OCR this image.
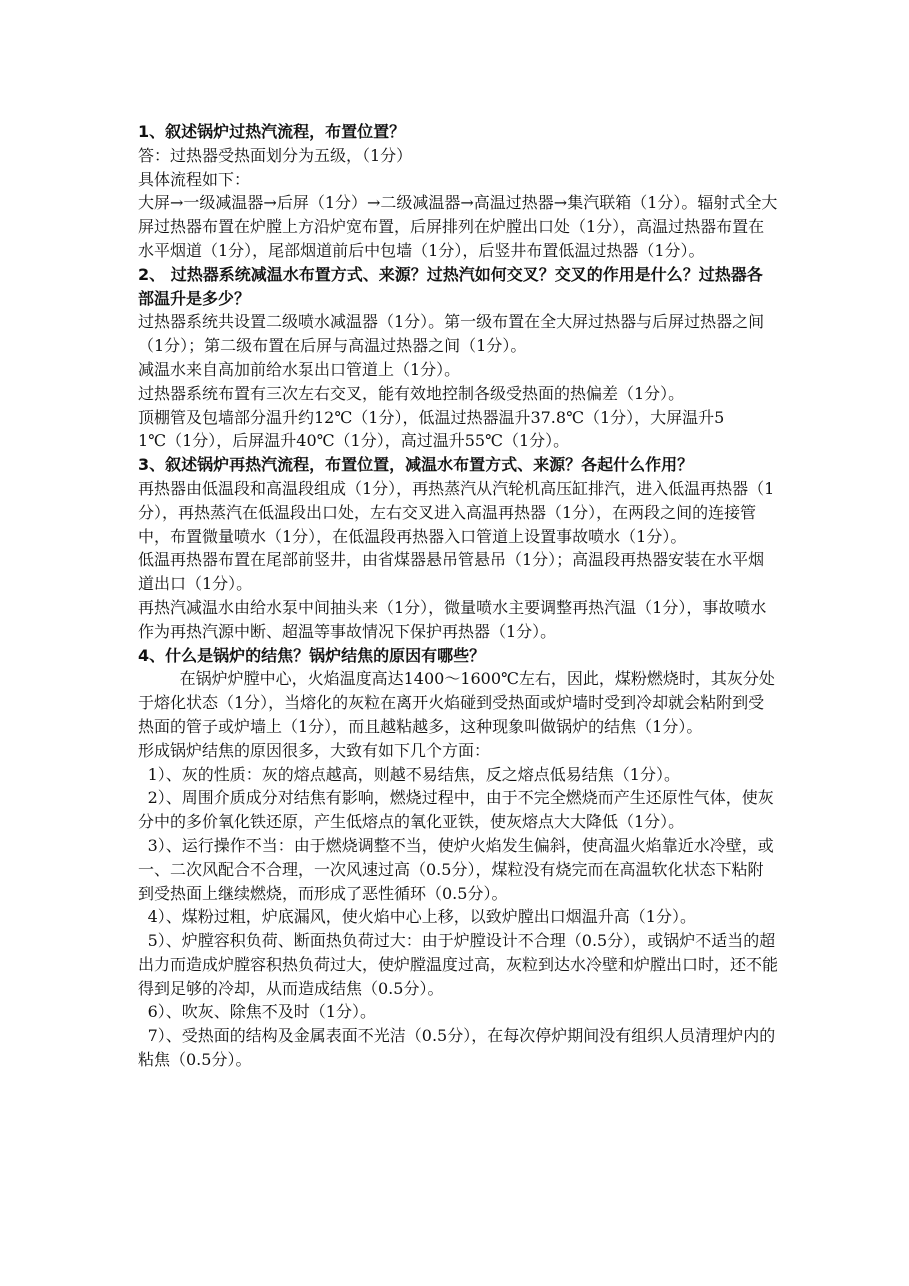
1、叙述锅炉过热汽流程，布置位置？

答：过热器受热面划分为五级，（1分）

具体流程如下：

大屏→一级减温器→后屏（1分）→二级减温器→高温过热器→集汽联箱（1分）。辐射式全大屏过热器布置在炉膛上方沿炉宽布置，后屏排列在炉膛出口处（1分），高温过热器布置在水平烟道（1分），尾部烟道前后中包墙（1分），后竖井布置低温过热器（1分）。

2、 过热器系统减温水布置方式、来源？过热汽如何交叉？交叉的作用是什么？过热器各部温升是多少？

过热器系统共设置二级喷水减温器（1分）。第一级布置在全大屏过热器与后屏过热器之间（1分）；第二级布置在后屏与高温过热器之间（1分）。

减温水来自高加前给水泵出口管道上（1分）。

过热器系统布置有三次左右交叉，能有效地控制各级受热面的热偏差（1分）。

顶棚管及包墙部分温升约12℃（1分），低温过热器温升37.8℃（1分），大屏温升51℃（1分），后屏温升40℃（1分），高过温升55℃（1分）。

3、叙述锅炉再热汽流程，布置位置，减温水布置方式、来源？各起什么作用？

再热器由低温段和高温段组成（1分），再热蒸汽从汽轮机高压缸排汽，进入低温再热器（1分），再热蒸汽在低温段出口处，左右交叉进入高温再热器（1分），在两段之间的连接管中，布置微量喷水（1分），在低温段再热器入口管道上设置事故喷水（1分）。

低温再热器布置在尾部前竖井，由省煤器悬吊管悬吊（1分）；高温段再热器安装在水平烟道出口（1分）。

再热汽减温水由给水泵中间抽头来（1分），微量喷水主要调整再热汽温（1分），事故喷水作为再热汽源中断、超温等事故情况下保护再热器（1分）。

4、什么是锅炉的结焦？锅炉结焦的原因有哪些？

在锅炉炉膛中心，火焰温度高达1400～1600℃左右，因此，煤粉燃烧时，其灰分处于熔化状态（1分），当熔化的灰粒在离开火焰碰到受热面或炉墙时受到冷却就会粘附到受热面的管子或炉墙上（1分），而且越粘越多，这种现象叫做锅炉的结焦（1分）。

形成锅炉结焦的原因很多，大致有如下几个方面：

1）、灰的性质：灰的熔点越高，则越不易结焦，反之熔点低易结焦（1分）。

2）、周围介质成分对结焦有影响，燃烧过程中，由于不完全燃烧而产生还原性气体，使灰分中的多价氧化铁还原，产生低熔点的氧化亚铁，使灰熔点大大降低（1分）。

3）、运行操作不当：由于燃烧调整不当，使炉火焰发生偏斜，使高温火焰靠近水冷壁，或一、二次风配合不合理，一次风速过高（0.5分），煤粒没有烧完而在高温软化状态下粘附到受热面上继续燃烧，而形成了恶性循环（0.5分）。

4）、煤粉过粗，炉底漏风，使火焰中心上移，以致炉膛出口烟温升高（1分）。

5）、炉膛容积负荷、断面热负荷过大：由于炉膛设计不合理（0.5分），或锅炉不适当的超出力而造成炉膛容积热负荷过大，使炉膛温度过高，灰粒到达水冷壁和炉膛出口时，还不能得到足够的冷却，从而造成结焦（0.5分）。

6）、吹灰、除焦不及时（1分）。

7）、受热面的结构及金属表面不光洁（0.5分），在每次停炉期间没有组织人员清理炉内的粘焦（0.5分）。
